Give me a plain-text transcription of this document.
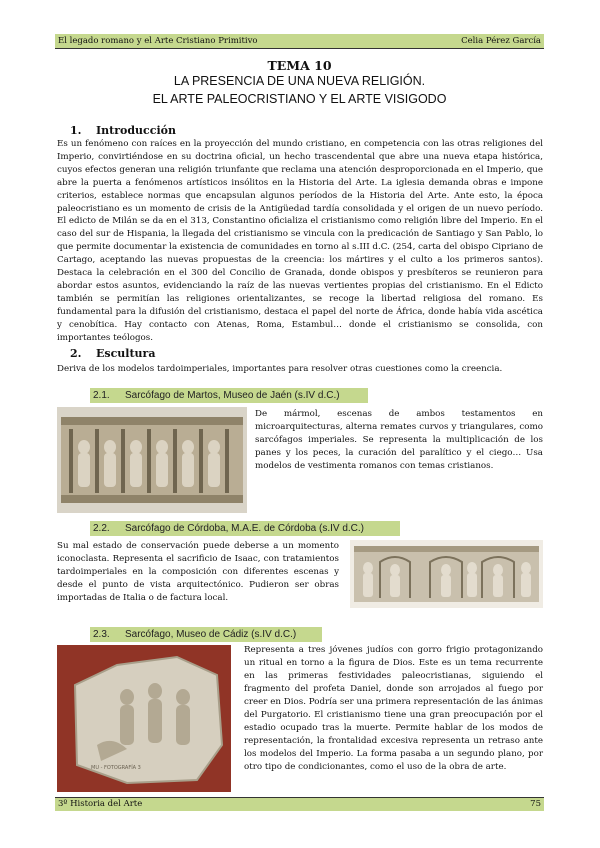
El legado romano y el Arte Cristiano Primitivo	Celia Pérez García
TEMA 10
LA PRESENCIA DE UNA NUEVA RELIGIÓN.
EL ARTE PALEOCRISTIANO Y EL ARTE VISIGODO
1. Introducción

Es un fenómeno con raíces en la proyección del mundo cristiano, en competencia con las otras religiones del Imperio, convirtiéndose en su doctrina oficial, un hecho trascendental que abre una nueva etapa histórica, cuyos efectos generan una religión triunfante que reclama una atención desproporcionada en el Imperio, que abre la puerta a fenómenos artísticos insólitos en la Historia del Arte. La iglesia demanda obras e impone criterios, establece normas que encapsulan algunos períodos de la Historia del Arte. Ante esto, la época paleocristiano es un momento de crisis de la Antigüedad tardía consolidada y el origen de un nuevo período. El edicto de Milán se da en el 313, Constantino oficializa el cristianismo como religión libre del Imperio. En el caso del sur de Hispania, la llegada del cristianismo se vincula con la predicación de Santiago y San Pablo, lo que permite documentar la existencia de comunidades en torno al s.III d.C. (254, carta del obispo Cipriano de Cartago, aceptando las nuevas propuestas de la creencia: los mártires y el culto a los primeros santos). Destaca la celebración en el 300 del Concilio de Granada, donde obispos y presbíteros se reunieron para abordar estos asuntos, evidenciando la raíz de las nuevas vertientes propias del cristianismo. En el Edicto también se permitían las religiones orientalizantes, se recoge la libertad religiosa del romano. Es fundamental para la difusión del cristianismo, destaca el papel del norte de África, donde había vida ascética y cenobítica. Hay contacto con Atenas, Roma, Estambul… donde el cristianismo se consolida, con importantes teólogos.

2. Escultura

Deriva de los modelos tardoimperiales, importantes para resolver otras cuestiones como la creencia.

2.1. Sarcófago de Martos, Museo de Jaén (s.IV d.C.)

De mármol, escenas de ambos testamentos en microarquitecturas, alterna remates curvos y triangulares, como sarcófagos imperiales. Se representa la multiplicación de los panes y los peces, la curación del paralítico y el ciego… Usa modelos de vestimenta romanos con temas cristianos.

2.2. Sarcófago de Córdoba, M.A.E. de Córdoba (s.IV d.C.)

Su mal estado de conservación puede deberse a un momento iconoclasta. Representa el sacrificio de Isaac, con tratamientos tardoimperiales en la composición con diferentes escenas y desde el punto de vista arquitectónico. Pudieron ser obras importadas de Italia o de factura local.

2.3. Sarcófago, Museo de Cádiz (s.IV d.C.)
MU - FOTOGRAFÍA 3

Representa a tres jóvenes judíos con gorro frigio protagonizando un ritual en torno a la figura de Dios. Este es un tema recurrente en las primeras festividades paleocristianas, siguiendo el fragmento del profeta Daniel, donde son arrojados al fuego por creer en Dios. Podría ser una primera representación de las ánimas del Purgatorio. El cristianismo tiene una gran preocupación por el estadio ocupado tras la muerte. Permite hablar de los modos de representación, la frontalidad excesiva representa un retraso ante los modelos del Imperio. La forma pasaba a un segundo plano, por otro tipo de condicionantes, como el uso de la obra de arte.

3º Historia del Arte	75
